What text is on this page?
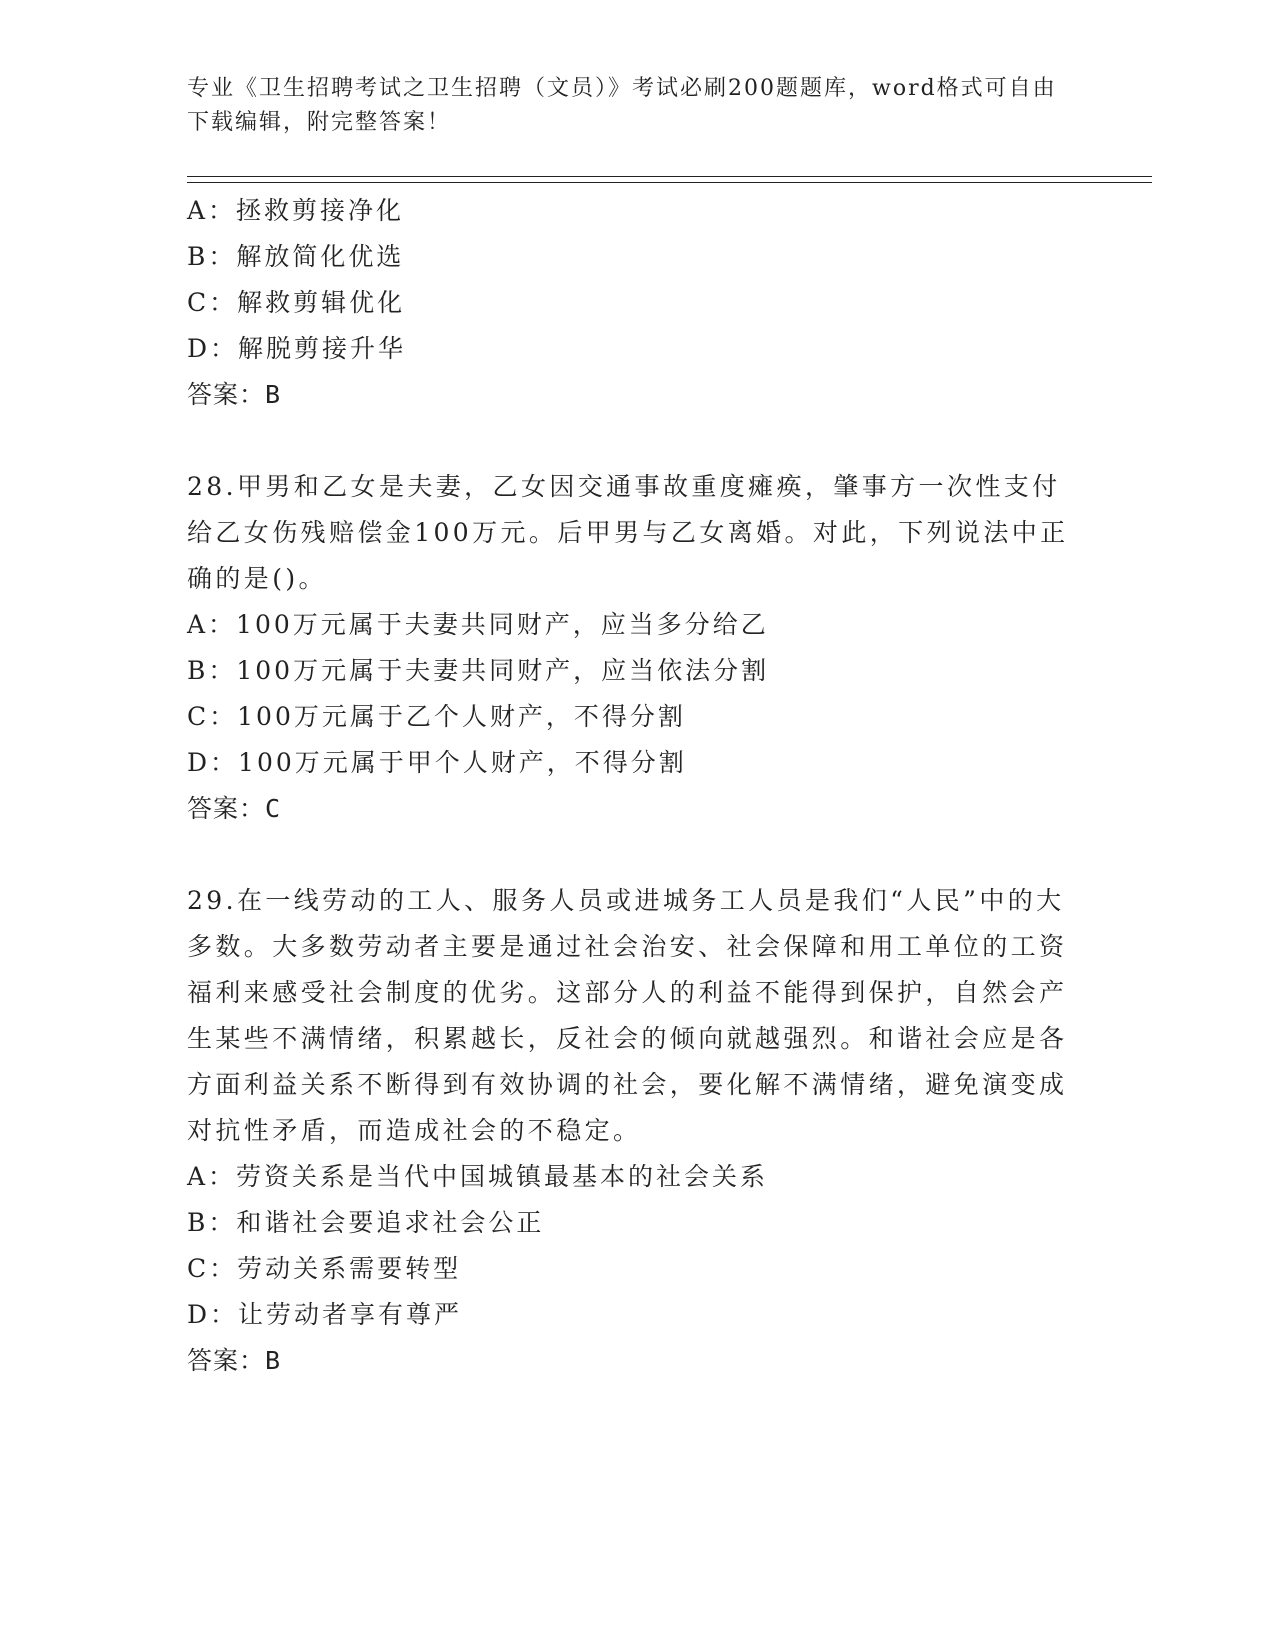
专业《卫生招聘考试之卫生招聘（文员）》考试必刷200题题库，word格式可自由下载编辑，附完整答案！
A：拯救剪接净化
B：解放简化优选
C：解救剪辑优化
D：解脱剪接升华
答案：B
28.甲男和乙女是夫妻，乙女因交通事故重度瘫痪，肇事方一次性支付给乙女伤残赔偿金100万元。后甲男与乙女离婚。对此，下列说法中正确的是()。
A：100万元属于夫妻共同财产，应当多分给乙
B：100万元属于夫妻共同财产，应当依法分割
C：100万元属于乙个人财产，不得分割
D：100万元属于甲个人财产，不得分割
答案：C
29.在一线劳动的工人、服务人员或进城务工人员是我们“人民”中的大多数。大多数劳动者主要是通过社会治安、社会保障和用工单位的工资福利来感受社会制度的优劣。这部分人的利益不能得到保护，自然会产生某些不满情绪，积累越长，反社会的倾向就越强烈。和谐社会应是各方面利益关系不断得到有效协调的社会，要化解不满情绪，避免演变成对抗性矛盾，而造成社会的不稳定。
A：劳资关系是当代中国城镇最基本的社会关系
B：和谐社会要追求社会公正
C：劳动关系需要转型
D：让劳动者享有尊严
答案：B
